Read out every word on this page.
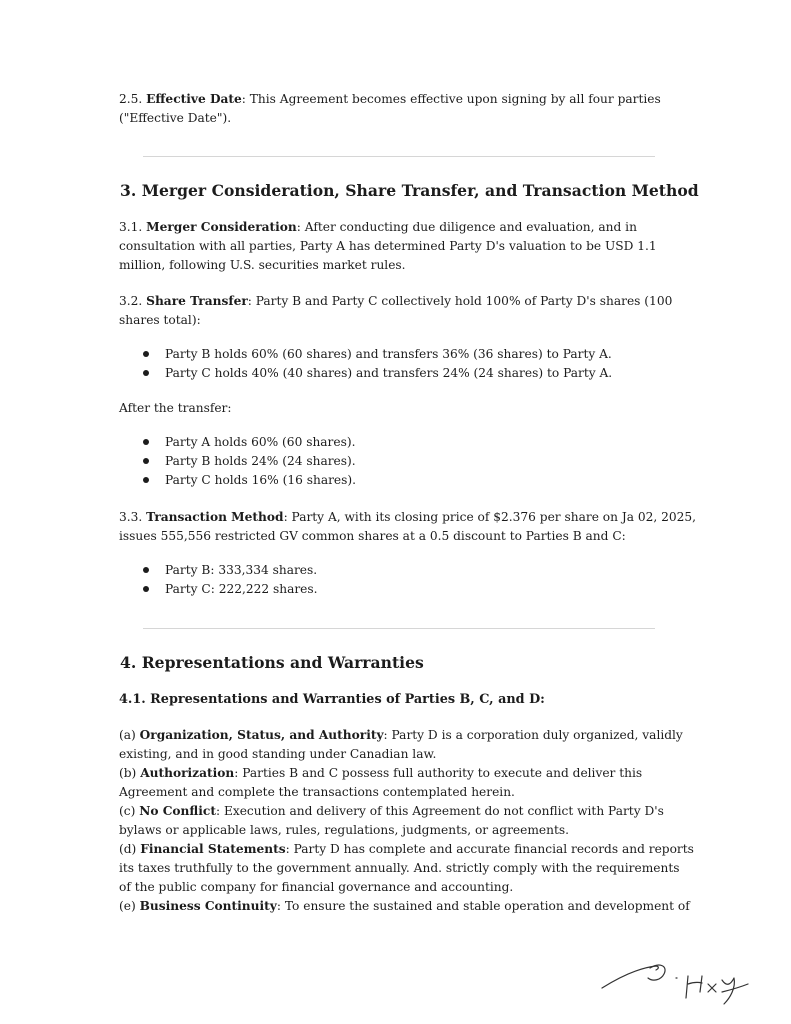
2.5. Effective Date: This Agreement becomes effective upon signing by all four parties
("Effective Date").
3. Merger Consideration, Share Transfer, and Transaction Method
3.1. Merger Consideration: After conducting due diligence and evaluation, and in
consultation with all parties, Party A has determined Party D's valuation to be USD 1.1
million, following U.S. securities market rules.
3.2. Share Transfer: Party B and Party C collectively hold 100% of Party D's shares (100
shares total):
Party B holds 60% (60 shares) and transfers 36% (36 shares) to Party A.
Party C holds 40% (40 shares) and transfers 24% (24 shares) to Party A.
After the transfer:
Party A holds 60% (60 shares).
Party B holds 24% (24 shares).
Party C holds 16% (16 shares).
3.3. Transaction Method: Party A, with its closing price of $2.376 per share on Ja 02, 2025,
issues 555,556 restricted GV common shares at a 0.5 discount to Parties B and C:
Party B: 333,334 shares.
Party C: 222,222 shares.
4. Representations and Warranties
4.1. Representations and Warranties of Parties B, C, and D:
(a) Organization, Status, and Authority: Party D is a corporation duly organized, validly
existing, and in good standing under Canadian law.
(b) Authorization: Parties B and C possess full authority to execute and deliver this
Agreement and complete the transactions contemplated herein.
(c) No Conflict: Execution and delivery of this Agreement do not conflict with Party D's
bylaws or applicable laws, rules, regulations, judgments, or agreements.
(d) Financial Statements: Party D has complete and accurate financial records and reports
its taxes truthfully to the government annually. And. strictly comply with the requirements
of the public company for financial governance and accounting.
(e) Business Continuity: To ensure the sustained and stable operation and development of
